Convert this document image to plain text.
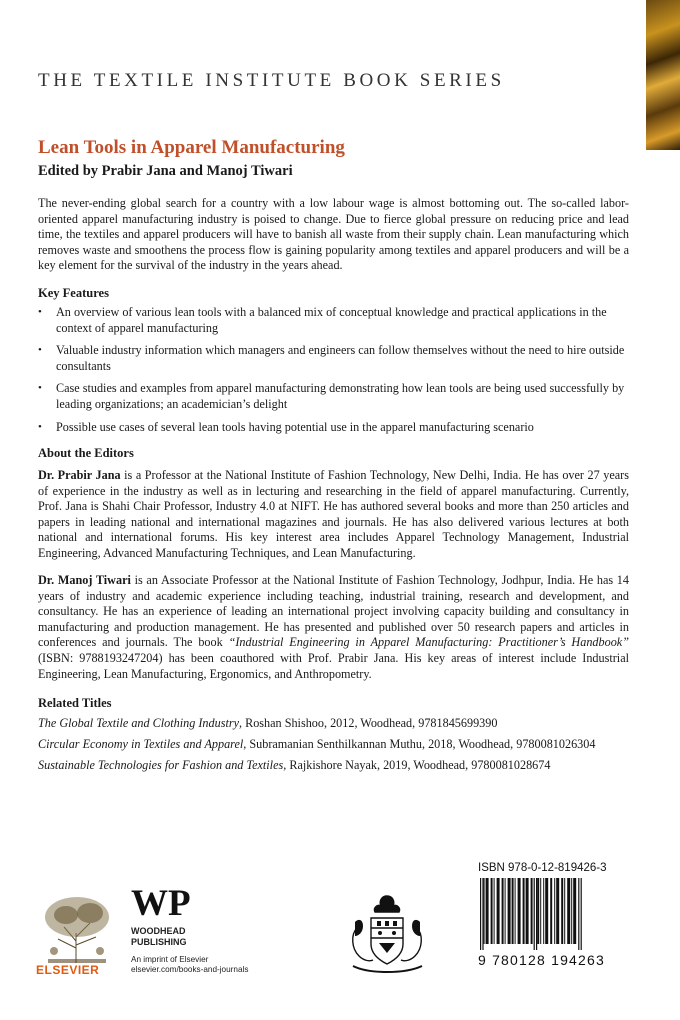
THE TEXTILE INSTITUTE BOOK SERIES
Lean Tools in Apparel Manufacturing
Edited by Prabir Jana and Manoj Tiwari
The never-ending global search for a country with a low labour wage is almost bottoming out. The so-called labor-oriented apparel manufacturing industry is poised to change. Due to fierce global pressure on reducing price and lead time, the textiles and apparel producers will have to banish all waste from their supply chain. Lean manufacturing which removes waste and smoothens the process flow is gaining popularity among textiles and apparel producers and will be a key element for the survival of the industry in the years ahead.
Key Features
• An overview of various lean tools with a balanced mix of conceptual knowledge and practical applications in the context of apparel manufacturing
• Valuable industry information which managers and engineers can follow themselves without the need to hire outside consultants
• Case studies and examples from apparel manufacturing demonstrating how lean tools are being used successfully by leading organizations; an academician’s delight
• Possible use cases of several lean tools having potential use in the apparel manufacturing scenario
About the Editors
Dr. Prabir Jana is a Professor at the National Institute of Fashion Technology, New Delhi, India. He has over 27 years of experience in the industry as well as in lecturing and researching in the field of apparel manufacturing. Currently, Prof. Jana is Shahi Chair Professor, Industry 4.0 at NIFT. He has authored several books and more than 250 articles and papers in leading national and international magazines and journals. He has also delivered various lectures at both national and international forums. His key interest area includes Apparel Technology Management, Industrial Engineering, Advanced Manufacturing Techniques, and Lean Manufacturing.
Dr. Manoj Tiwari is an Associate Professor at the National Institute of Fashion Technology, Jodhpur, India. He has 14 years of industry and academic experience including teaching, industrial training, research and development, and consultancy. He has an experience of leading an international project involving capacity building and consultancy in manufacturing and production management. He has presented and published over 50 research papers and articles in conferences and journals. The book “Industrial Engineering in Apparel Manufacturing: Practitioner’s Handbook” (ISBN: 9788193247204) has been coauthored with Prof. Prabir Jana. His key areas of interest include Industrial Engineering, Lean Manufacturing, Ergonomics, and Anthropometry.
Related Titles
The Global Textile and Clothing Industry, Roshan Shishoo, 2012, Woodhead, 9781845699390
Circular Economy in Textiles and Apparel, Subramanian Senthilkannan Muthu, 2018, Woodhead, 9780081026304
Sustainable Technologies for Fashion and Textiles, Rajkishore Nayak, 2019, Woodhead, 9780081028674
ELSEVIER
WP
WOODHEAD
PUBLISHING
An imprint of Elsevier
elsevier.com/books-and-journals
ISBN 978-0-12-819426-3
9 780128 194263
